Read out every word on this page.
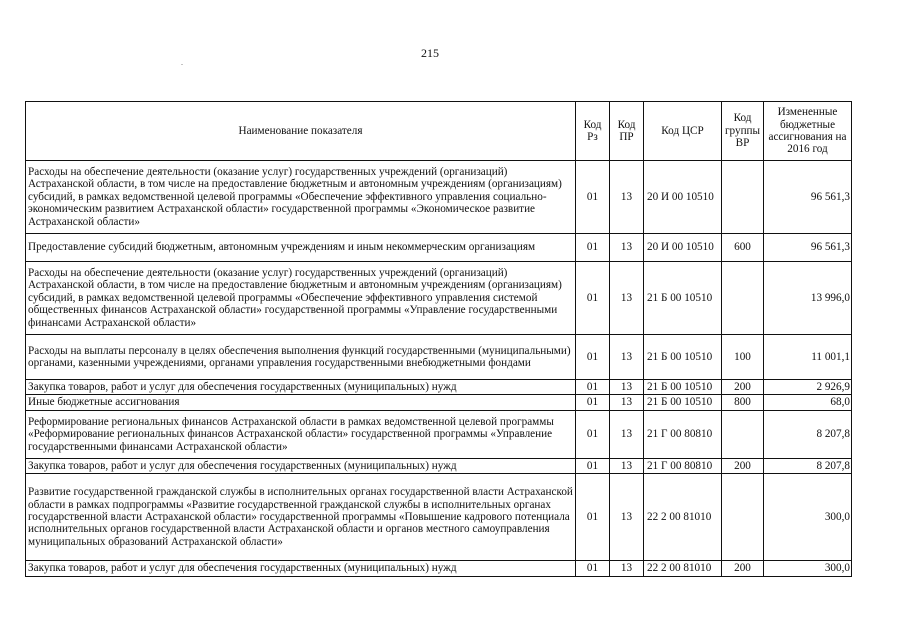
215
.
Наименование показателя	Код Рз	Код ПР	Код ЦСР	Код группы ВР	Измененные бюджетные ассигнования на 2016 год
Расходы на обеспечение деятельности (оказание услуг) государственных учреждений (организаций) Астраханской области, в том числе на предоставление бюджетным и автономным учреждениям (организациям) субсидий, в рамках ведомственной целевой программы «Обеспечение эффективного управления социально-экономическим развитием Астраханской области» государственной программы «Экономическое развитие Астраханской области»	01	13	20 И 00 10510		96 561,3
Предоставление субсидий бюджетным, автономным учреждениям и иным некоммерческим организациям	01	13	20 И 00 10510	600	96 561,3
Расходы на обеспечение деятельности (оказание услуг) государственных учреждений (организаций) Астраханской области, в том числе на предоставление бюджетным и автономным учреждениям (организациям) субсидий, в рамках ведомственной целевой программы «Обеспечение эффективного управления системой общественных финансов Астраханской области» государственной программы «Управление государственными финансами Астраханской области»	01	13	21 Б 00 10510		13 996,0
Расходы на выплаты персоналу в целях обеспечения выполнения функций государственными (муниципальными) органами, казенными учреждениями, органами управления государственными внебюджетными фондами	01	13	21 Б 00 10510	100	11 001,1
Закупка товаров, работ и услуг для обеспечения государственных (муниципальных) нужд	01	13	21 Б 00 10510	200	2 926,9
Иные бюджетные ассигнования	01	13	21 Б 00 10510	800	68,0
Реформирование региональных финансов Астраханской области в рамках ведомственной целевой программы «Реформирование региональных финансов Астраханской области» государственной программы «Управление государственными финансами Астраханской области»	01	13	21 Г 00 80810		8 207,8
Закупка товаров, работ и услуг для обеспечения государственных (муниципальных) нужд	01	13	21 Г 00 80810	200	8 207,8
Развитие государственной гражданской службы в исполнительных органах государственной власти Астраханской области в рамках подпрограммы «Развитие государственной гражданской службы в исполнительных органах государственной власти Астраханской области» государственной программы «Повышение кадрового потенциала исполнительных органов государственной власти Астраханской области и органов местного самоуправления муниципальных образований Астраханской области»	01	13	22 2 00 81010		300,0
Закупка товаров, работ и услуг для обеспечения государственных (муниципальных) нужд	01	13	22 2 00 81010	200	300,0
